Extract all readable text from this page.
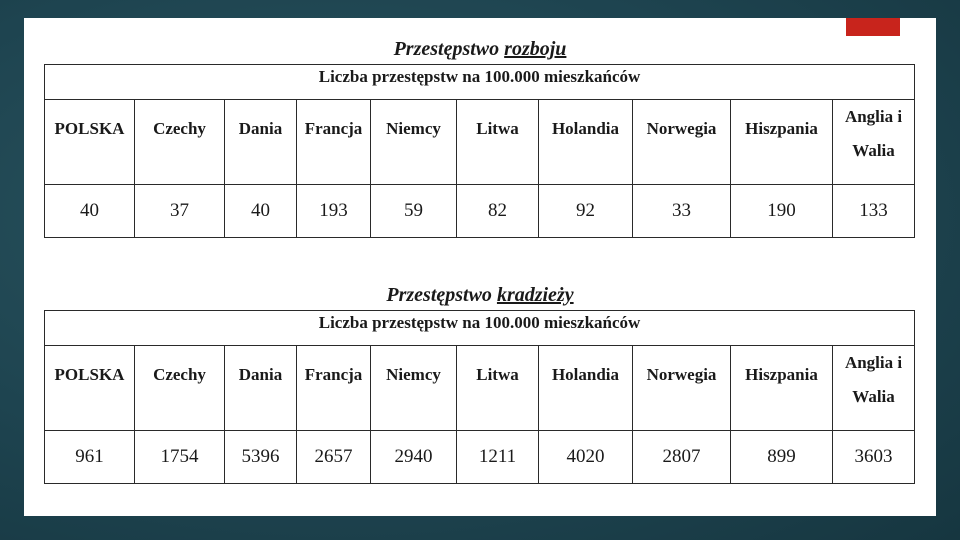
Przestępstwo rozboju
Liczba przestępstw na 100.000 mieszkańców									
POLSKA	Czechy	Dania	Francja	Niemcy	Litwa	Holandia	Norwegia	Hiszpania	Anglia i Walia
40	37	40	193	59	82	92	33	190	133
Przestępstwo kradzieży
Liczba przestępstw na 100.000 mieszkańców									
POLSKA	Czechy	Dania	Francja	Niemcy	Litwa	Holandia	Norwegia	Hiszpania	Anglia i Walia
961	1754	5396	2657	2940	1211	4020	2807	899	3603
